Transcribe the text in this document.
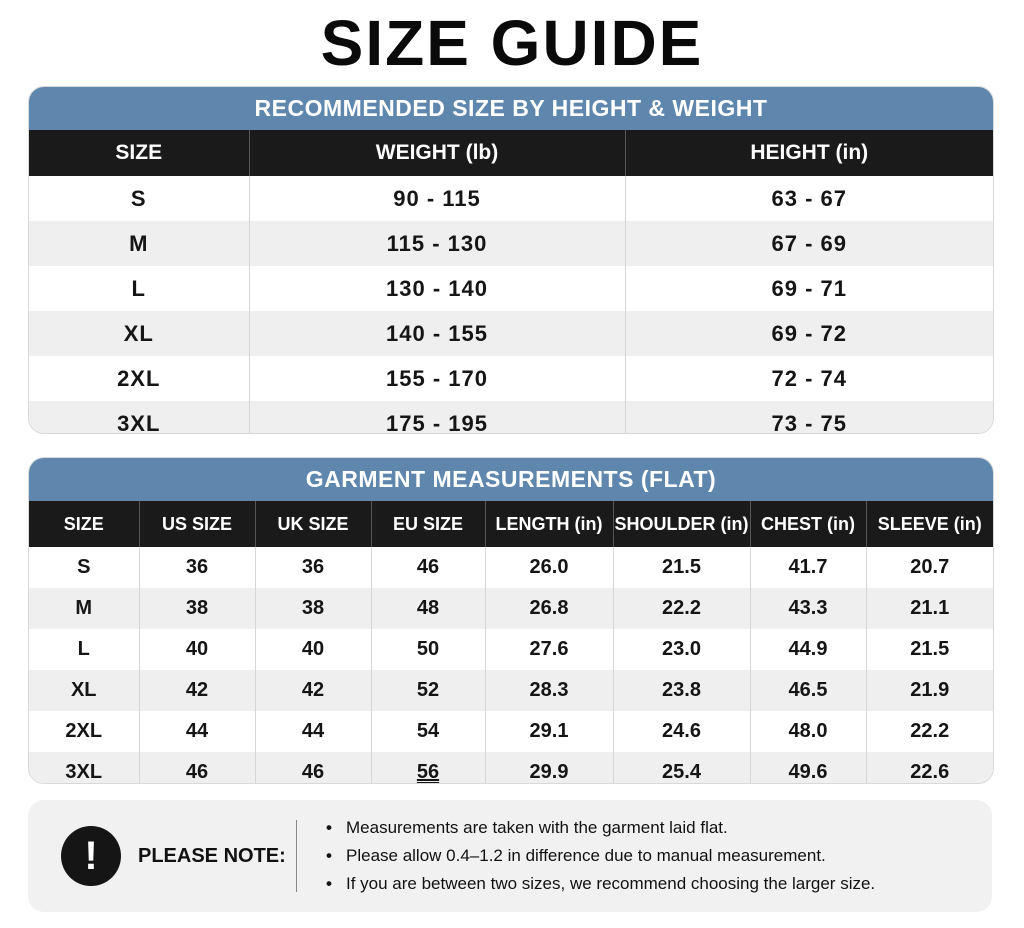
SIZE GUIDE
RECOMMENDED SIZE BY HEIGHT & WEIGHT
SIZE	WEIGHT (lb)	HEIGHT (in)
S	90 - 115	63 - 67
M	115 - 130	67 - 69
L	130 - 140	69 - 71
XL	140 - 155	69 - 72
2XL	155 - 170	72 - 74
3XL	175 - 195	73 - 75
GARMENT MEASUREMENTS (FLAT)
SIZE	US SIZE	UK SIZE	EU SIZE	LENGTH (in)	SHOULDER (in)	CHEST (in)	SLEEVE (in)
S	36	36	46	26.0	21.5	41.7	20.7
M	38	38	48	26.8	22.2	43.3	21.1
L	40	40	50	27.6	23.0	44.9	21.5
XL	42	42	52	28.3	23.8	46.5	21.9
2XL	44	44	54	29.1	24.6	48.0	22.2
3XL	46	46	56	29.9	25.4	49.6	22.6
!	PLEASE NOTE:
• Measurements are taken with the garment laid flat.
• Please allow 0.4–1.2 in difference due to manual measurement.
• If you are between two sizes, we recommend choosing the larger size.
